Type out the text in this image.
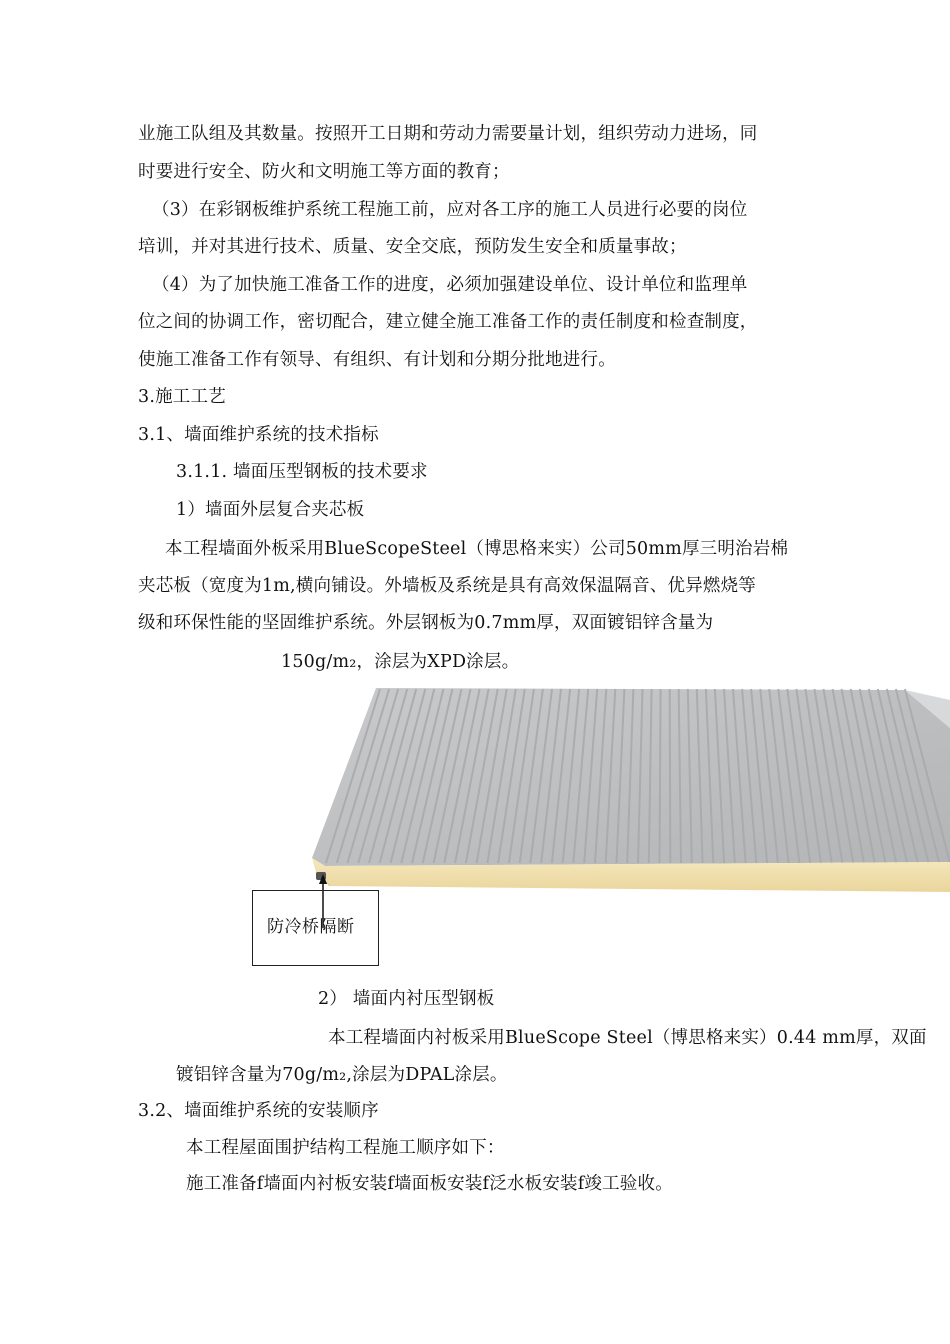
防冷桥隔断
业施工队组及其数量。按照开工日期和劳动力需要量计划，组织劳动力进场，同
时要进行安全、防火和文明施工等方面的教育；
（3）在彩钢板维护系统工程施工前，应对各工序的施工人员进行必要的岗位
培训，并对其进行技术、质量、安全交底，预防发生安全和质量事故；
（4）为了加快施工准备工作的进度，必须加强建设单位、设计单位和监理单
位之间的协调工作，密切配合，建立健全施工准备工作的责任制度和检查制度，
使施工准备工作有领导、有组织、有计划和分期分批地进行。
3.施工工艺
3.1、墙面维护系统的技术指标
3.1.1. 墙面压型钢板的技术要求
1）墙面外层复合夹芯板
本工程墙面外板采用BlueScopeSteel（博思格来实）公司50mm厚三明治岩棉
夹芯板（宽度为1m,横向铺设。外墙板及系统是具有高效保温隔音、优异燃烧等
级和环保性能的坚固维护系统。外层钢板为0.7mm厚，双面镀铝锌含量为
150g/m₂，涂层为XPD涂层。
2） 墙面内衬压型钢板
本工程墙面内衬板采用BlueScope Steel（博思格来实）0.44 mm厚，双面
镀铝锌含量为70g/m₂,涂层为DPAL涂层。
3.2、墙面维护系统的安装顺序
本工程屋面围护结构工程施工顺序如下：
施工准备f墙面内衬板安装f墙面板安装f泛水板安装f竣工验收。
